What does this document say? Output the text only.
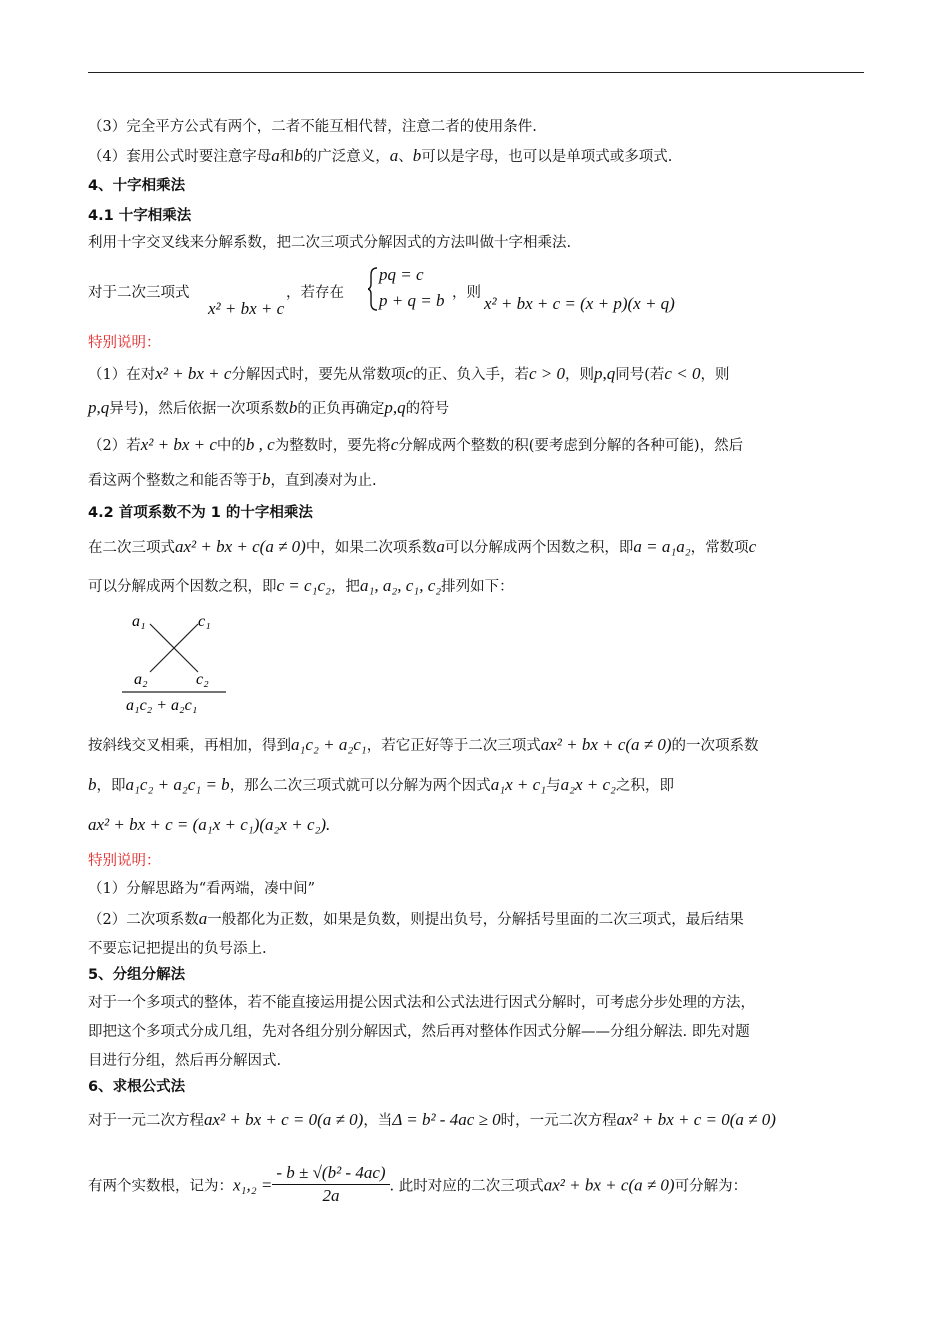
（3）完全平方公式有两个，二者不能互相代替，注意二者的使用条件.
（4）套用公式时要注意字母a和b的广泛意义，a、b可以是字母，也可以是单项式或多项式.
4、十字相乘法
4.1 十字相乘法
利用十字交叉线来分解系数，把二次三项式分解因式的方法叫做十字相乘法.
对于二次三项式
x² + bx + c
，若存在
pq = c
p + q = b ，则
x² + bx + c = (x + p)(x + q)
特别说明：
（1）在对x² + bx + c分解因式时，要先从常数项c的正、负入手，若c > 0，则p,q同号(若c < 0，则
p,q异号)，然后依据一次项系数b的正负再确定p,q的符号
（2）若x² + bx + c中的b , c为整数时，要先将c分解成两个整数的积(要考虑到分解的各种可能)，然后
看这两个整数之和能否等于b，直到凑对为止.
4.2 首项系数不为 1 的十字相乘法
在二次三项式ax² + bx + c(a ≠ 0)中，如果二次项系数a可以分解成两个因数之积，即a = a₁a₂，常数项c
可以分解成两个因数之积，即c = c₁c₂，把a₁, a₂, c₁, c₂排列如下：
a₁	c₁
a₂	c₂
a₁c₂ + a₂c₁
按斜线交叉相乘，再相加，得到a₁c₂ + a₂c₁，若它正好等于二次三项式ax² + bx + c(a ≠ 0)的一次项系数
b，即a₁c₂ + a₂c₁ = b，那么二次三项式就可以分解为两个因式a₁x + c₁与a₂x + c₂之积，即
ax² + bx + c = (a₁x + c₁)(a₂x + c₂).
特别说明：
（1）分解思路为“看两端，凑中间”
（2）二次项系数a一般都化为正数，如果是负数，则提出负号，分解括号里面的二次三项式，最后结果
不要忘记把提出的负号添上.
5、分组分解法
对于一个多项式的整体，若不能直接运用提公因式法和公式法进行因式分解时，可考虑分步处理的方法，
即把这个多项式分成几组，先对各组分别分解因式，然后再对整体作因式分解——分组分解法. 即先对题
目进行分组，然后再分解因式.
6、求根公式法
对于一元二次方程ax² + bx + c = 0(a ≠ 0)，当Δ = b² - 4ac ≥ 0时，一元二次方程ax² + bx + c = 0(a ≠ 0)
有两个实数根，记为：$x_1,_2 = \frac{\text{- b ± √(b² - 4ac)}}{2a}$ . 此时对应的二次三项式ax² + bx + c(a ≠ 0)可分解为：
